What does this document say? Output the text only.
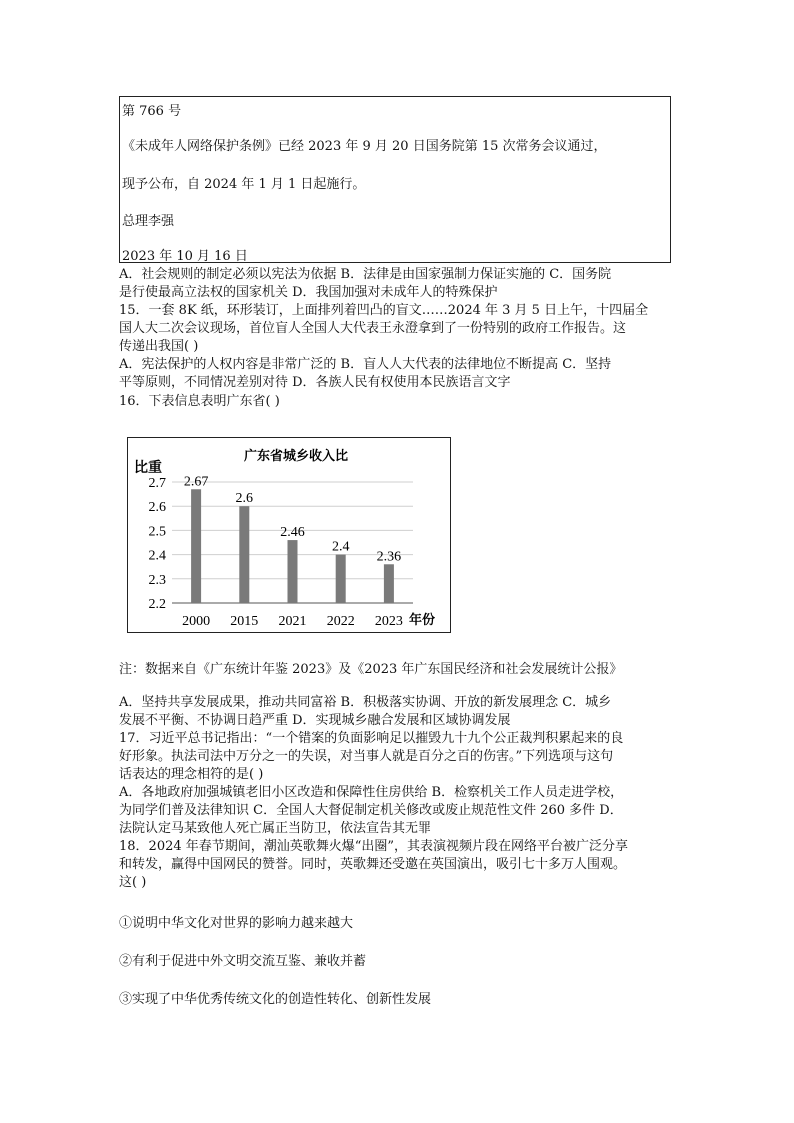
第 766 号
《未成年人网络保护条例》已经 2023 年 9 月 20 日国务院第 15 次常务会议通过，
现予公布，自 2024 年 1 月 1 日起施行。
总理李强
2023 年 10 月 16 日
A．社会规则的制定必须以宪法为依据 B．法律是由国家强制力保证实施的 C．国务院
是行使最高立法权的国家机关 D．我国加强对未成年人的特殊保护
15．一套 8K 纸，环形装订，上面排列着凹凸的盲文……2024 年 3 月 5 日上午，十四届全
国人大二次会议现场，首位盲人全国人大代表王永澄拿到了一份特别的政府工作报告。这
传递出我国( )
A．宪法保护的人权内容是非常广泛的 B．盲人人大代表的法律地位不断提高 C．坚持
平等原则，不同情况差别对待 D．各族人民有权使用本民族语言文字
16．下表信息表明广东省( )
广东省城乡收入比
比重
年份
2.67
2.6
2.46
2.4
2.36
2.2
2.3
2.4
2.5
2.6
2.7
2000 2015 2021 2022 2023
注：数据来自《广东统计年鉴 2023》及《2023 年广东国民经济和社会发展统计公报》
A．坚持共享发展成果，推动共同富裕 B．积极落实协调、开放的新发展理念 C．城乡
发展不平衡、不协调日趋严重 D．实现城乡融合发展和区域协调发展
17．习近平总书记指出：“一个错案的负面影响足以摧毁九十九个公正裁判积累起来的良
好形象。执法司法中万分之一的失误，对当事人就是百分之百的伤害。”下列选项与这句
话表达的理念相符的是( )
A．各地政府加强城镇老旧小区改造和保障性住房供给 B．检察机关工作人员走进学校，
为同学们普及法律知识 C．全国人大督促制定机关修改或废止规范性文件 260 多件 D．
法院认定马某致他人死亡属正当防卫，依法宣告其无罪
18．2024 年春节期间，潮汕英歌舞火爆“出圈”，其表演视频片段在网络平台被广泛分享
和转发，赢得中国网民的赞誉。同时，英歌舞还受邀在英国演出，吸引七十多万人围观。
这( )
①说明中华文化对世界的影响力越来越大
②有利于促进中外文明交流互鉴、兼收并蓄
③实现了中华优秀传统文化的创造性转化、创新性发展
